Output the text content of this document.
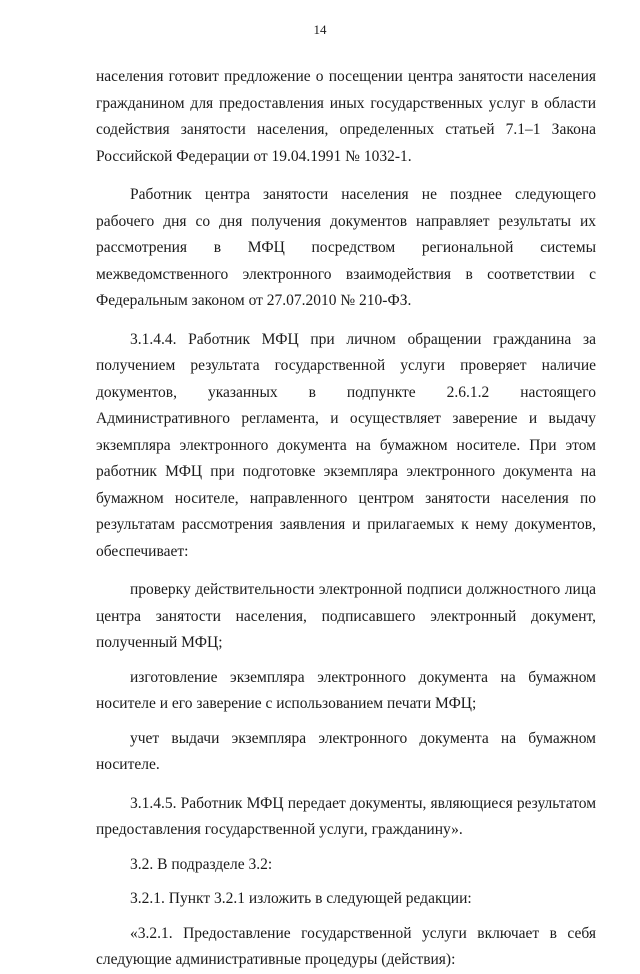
14

населения готовит предложение о посещении центра занятости населения гражданином для предоставления иных государственных услуг в области содействия занятости населения, определенных статьей 7.1–1 Закона Российской Федерации от 19.04.1991 № 1032-1.

Работник центра занятости населения не позднее следующего рабочего дня со дня получения документов направляет результаты их рассмотрения в МФЦ посредством региональной системы межведомственного электронного взаимодействия в соответствии с Федеральным законом от 27.07.2010 № 210-ФЗ.

3.1.4.4. Работник МФЦ при личном обращении гражданина за получением результата государственной услуги проверяет наличие документов, указанных в подпункте 2.6.1.2 настоящего Административного регламента, и осуществляет заверение и выдачу экземпляра электронного документа на бумажном носителе. При этом работник МФЦ при подготовке экземпляра электронного документа на бумажном носителе, направленного центром занятости населения по результатам рассмотрения заявления и прилагаемых к нему документов, обеспечивает:

проверку действительности электронной подписи должностного лица центра занятости населения, подписавшего электронный документ, полученный МФЦ;

изготовление экземпляра электронного документа на бумажном носителе и его заверение с использованием печати МФЦ;

учет выдачи экземпляра электронного документа на бумажном носителе.

3.1.4.5. Работник МФЦ передает документы, являющиеся результатом предоставления государственной услуги, гражданину».

3.2. В подразделе 3.2:

3.2.1. Пункт 3.2.1 изложить в следующей редакции:

«3.2.1. Предоставление государственной услуги включает в себя следующие административные процедуры (действия):
